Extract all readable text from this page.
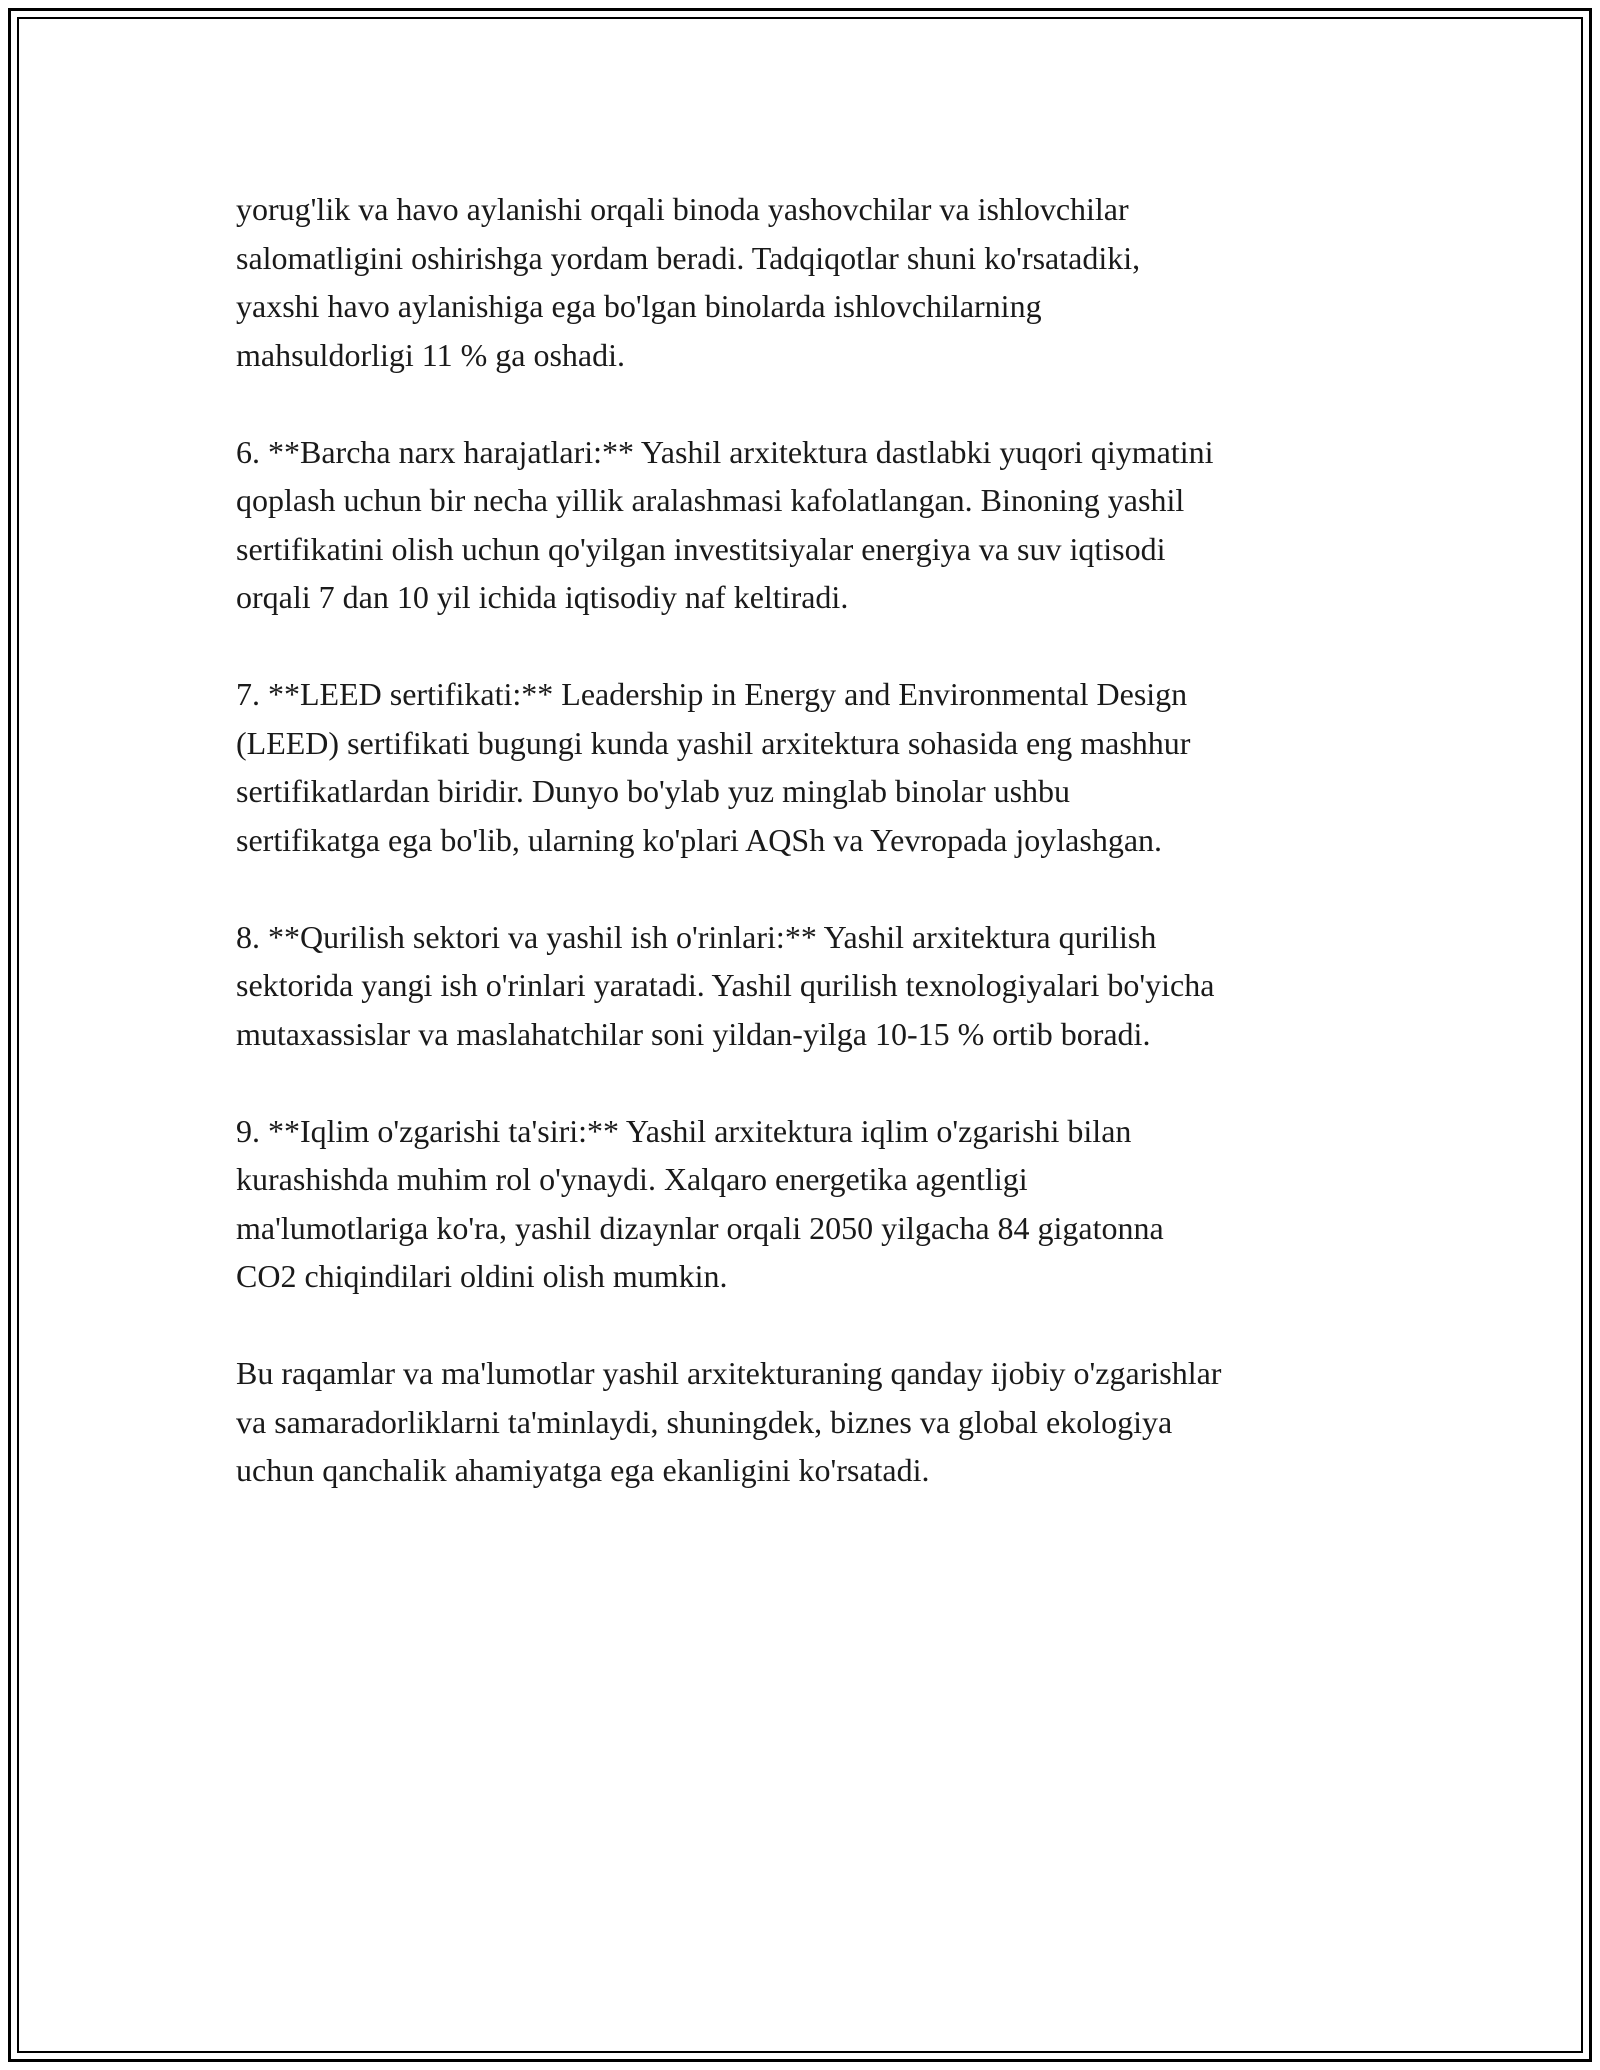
yorug'lik va havo aylanishi orqali binoda yashovchilar va ishlovchilar
salomatligini oshirishga yordam beradi. Tadqiqotlar shuni ko'rsatadiki,
yaxshi havo aylanishiga ega bo'lgan binolarda ishlovchilarning
mahsuldorligi 11 % ga oshadi.

6. **Barcha narx harajatlari:** Yashil arxitektura dastlabki yuqori qiymatini
qoplash uchun bir necha yillik aralashmasi kafolatlangan. Binoning yashil
sertifikatini olish uchun qo'yilgan investitsiyalar energiya va suv iqtisodi
orqali 7 dan 10 yil ichida iqtisodiy naf keltiradi.

7. **LEED sertifikati:** Leadership in Energy and Environmental Design
(LEED) sertifikati bugungi kunda yashil arxitektura sohasida eng mashhur
sertifikatlardan biridir. Dunyo bo'ylab yuz minglab binolar ushbu
sertifikatga ega bo'lib, ularning ko'plari AQSh va Yevropada joylashgan.

8. **Qurilish sektori va yashil ish o'rinlari:** Yashil arxitektura qurilish
sektorida yangi ish o'rinlari yaratadi. Yashil qurilish texnologiyalari bo'yicha
mutaxassislar va maslahatchilar soni yildan-yilga 10-15 % ortib boradi.

9. **Iqlim o'zgarishi ta'siri:** Yashil arxitektura iqlim o'zgarishi bilan
kurashishda muhim rol o'ynaydi. Xalqaro energetika agentligi
ma'lumotlariga ko'ra, yashil dizaynlar orqali 2050 yilgacha 84 gigatonna
CO2 chiqindilari oldini olish mumkin.

Bu raqamlar va ma'lumotlar yashil arxitekturaning qanday ijobiy o'zgarishlar
va samaradorliklarni ta'minlaydi, shuningdek, biznes va global ekologiya
uchun qanchalik ahamiyatga ega ekanligini ko'rsatadi.
